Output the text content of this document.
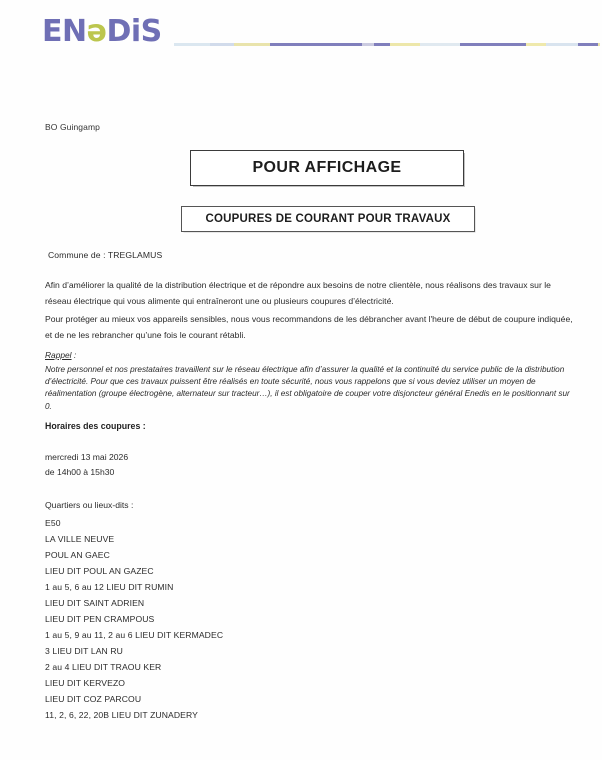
EN ǝ DiS
BO Guingamp
POUR AFFICHAGE
COUPURES DE COURANT POUR TRAVAUX
Commune de : TREGLAMUS
Afin d’améliorer la qualité de la distribution électrique et de répondre aux besoins de notre clientèle, nous réalisons des travaux sur le réseau électrique qui vous alimente qui entraîneront une ou plusieurs coupures d’électricité.
Pour protéger au mieux vos appareils sensibles, nous vous recommandons de les débrancher avant l'heure de début de coupure indiquée, et de ne les rebrancher qu’une fois le courant rétabli.
Rappel :
Notre personnel et nos prestataires travaillent sur le réseau électrique afin d’assurer la qualité et la continuité du service public de la distribution d’électricité. Pour que ces travaux puissent être réalisés en toute sécurité, nous vous rappelons que si vous deviez utiliser un moyen de réalimentation (groupe électrogène, alternateur sur tracteur…), il est obligatoire de couper votre disjoncteur général Enedis en le positionnant sur 0.
Horaires des coupures :
mercredi 13 mai 2026
de 14h00 à 15h30
Quartiers ou lieux-dits :
E50
LA VILLE NEUVE
POUL AN GAEC
LIEU DIT POUL AN GAZEC
1 au 5, 6 au 12 LIEU DIT RUMIN
LIEU DIT SAINT ADRIEN
LIEU DIT PEN CRAMPOUS
1 au 5, 9 au 11, 2 au 6 LIEU DIT KERMADEC
3 LIEU DIT LAN RU
2 au 4 LIEU DIT TRAOU KER
LIEU DIT KERVEZO
LIEU DIT COZ PARCOU
11, 2, 6, 22, 20B LIEU DIT ZUNADERY
